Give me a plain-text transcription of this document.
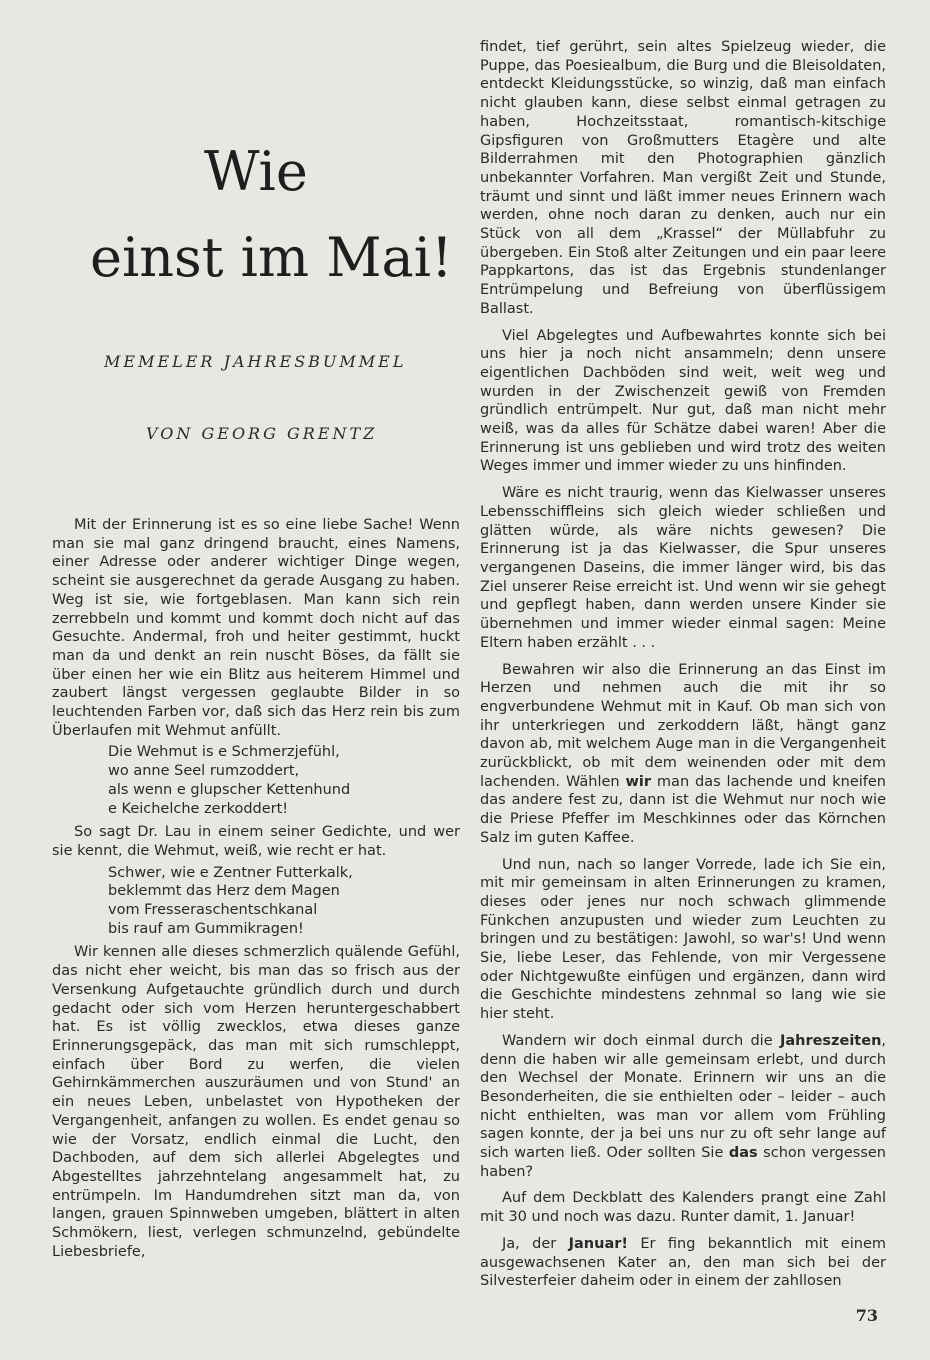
Wie
einst im Mai!
MEMELER JAHRESBUMMEL
VON GEORG GRENTZ

Mit der Erinnerung ist es so eine liebe Sache! Wenn man sie mal ganz dringend braucht, eines Namens, einer Adresse oder anderer wichtiger Dinge wegen, scheint sie ausgerechnet da gerade Ausgang zu haben. Weg ist sie, wie fortgeblasen. Man kann sich rein zerrebbeln und kommt und kommt doch nicht auf das Gesuchte. Andermal, froh und heiter gestimmt, huckt man da und denkt an rein nuscht Böses, da fällt sie über einen her wie ein Blitz aus heiterem Himmel und zaubert längst vergessen geglaubte Bilder in so leuchtenden Farben vor, daß sich das Herz rein bis zum Überlaufen mit Wehmut anfüllt.

Die Wehmut is e Schmerzjefühl,

wo anne Seel rumzoddert,

als wenn e glupscher Kettenhund

e Keichelche zerkoddert!

So sagt Dr. Lau in einem seiner Gedichte, und wer sie kennt, die Wehmut, weiß, wie recht er hat.

Schwer, wie e Zentner Futterkalk,

beklemmt das Herz dem Magen

vom Fresseraschentschkanal

bis rauf am Gummikragen!

Wir kennen alle dieses schmerzlich quälende Gefühl, das nicht eher weicht, bis man das so frisch aus der Versenkung Aufgetauchte gründlich durch und durch gedacht oder sich vom Herzen heruntergeschabbert hat. Es ist völlig zwecklos, etwa dieses ganze Erinnerungsgepäck, das man mit sich rumschleppt, einfach über Bord zu werfen, die vielen Gehirnkämmerchen auszuräumen und von Stund' an ein neues Leben, unbelastet von Hypotheken der Vergangenheit, anfangen zu wollen. Es endet genau so wie der Vorsatz, endlich einmal die Lucht, den Dachboden, auf dem sich allerlei Abgelegtes und Abgestelltes jahrzehntelang angesammelt hat, zu entrümpeln. Im Handumdrehen sitzt man da, von langen, grauen Spinnweben umgeben, blättert in alten Schmökern, liest, verlegen schmunzelnd, gebündelte Liebesbriefe,

findet, tief gerührt, sein altes Spielzeug wieder, die Puppe, das Poesiealbum, die Burg und die Bleisoldaten, entdeckt Kleidungsstücke, so winzig, daß man einfach nicht glauben kann, diese selbst einmal getragen zu haben, Hochzeitsstaat, romantisch-kitschige Gipsfiguren von Großmutters Etagère und alte Bilderrahmen mit den Photographien gänzlich unbekannter Vorfahren. Man vergißt Zeit und Stunde, träumt und sinnt und läßt immer neues Erinnern wach werden, ohne noch daran zu denken, auch nur ein Stück von all dem „Krassel“ der Müllabfuhr zu übergeben. Ein Stoß alter Zeitungen und ein paar leere Pappkartons, das ist das Ergebnis stundenlanger Entrümpelung und Befreiung von überflüssigem Ballast.

Viel Abgelegtes und Aufbewahrtes konnte sich bei uns hier ja noch nicht ansammeln; denn unsere eigentlichen Dachböden sind weit, weit weg und wurden in der Zwischenzeit gewiß von Fremden gründlich entrümpelt. Nur gut, daß man nicht mehr weiß, was da alles für Schätze dabei waren! Aber die Erinnerung ist uns geblieben und wird trotz des weiten Weges immer und immer wieder zu uns hinfinden.

Wäre es nicht traurig, wenn das Kielwasser unseres Lebensschiffleins sich gleich wieder schließen und glätten würde, als wäre nichts gewesen? Die Erinnerung ist ja das Kielwasser, die Spur unseres vergangenen Daseins, die immer länger wird, bis das Ziel unserer Reise erreicht ist. Und wenn wir sie gehegt und gepflegt haben, dann werden unsere Kinder sie übernehmen und immer wieder einmal sagen: Meine Eltern haben erzählt . . .

Bewahren wir also die Erinnerung an das Einst im Herzen und nehmen auch die mit ihr so engverbundene Wehmut mit in Kauf. Ob man sich von ihr unterkriegen und zerkoddern läßt, hängt ganz davon ab, mit welchem Auge man in die Vergangenheit zurückblickt, ob mit dem weinenden oder mit dem lachenden. Wählen wir man das lachende und kneifen das andere fest zu, dann ist die Wehmut nur noch wie die Priese Pfeffer im Meschkinnes oder das Körnchen Salz im guten Kaffee.

Und nun, nach so langer Vorrede, lade ich Sie ein, mit mir gemeinsam in alten Erinnerungen zu kramen, dieses oder jenes nur noch schwach glimmende Fünkchen anzupusten und wieder zum Leuchten zu bringen und zu bestätigen: Jawohl, so war's! Und wenn Sie, liebe Leser, das Fehlende, von mir Vergessene oder Nichtgewußte einfügen und ergänzen, dann wird die Geschichte mindestens zehnmal so lang wie sie hier steht.

Wandern wir doch einmal durch die Jahreszeiten, denn die haben wir alle gemeinsam erlebt, und durch den Wechsel der Monate. Erinnern wir uns an die Besonderheiten, die sie enthielten oder – leider – auch nicht enthielten, was man vor allem vom Frühling sagen konnte, der ja bei uns nur zu oft sehr lange auf sich warten ließ. Oder sollten Sie das schon vergessen haben?

Auf dem Deckblatt des Kalenders prangt eine Zahl mit 30 und noch was dazu. Runter damit, 1. Januar!

Ja, der Januar! Er fing bekanntlich mit einem ausgewachsenen Kater an, den man sich bei der Silvesterfeier daheim oder in einem der zahllosen

73
